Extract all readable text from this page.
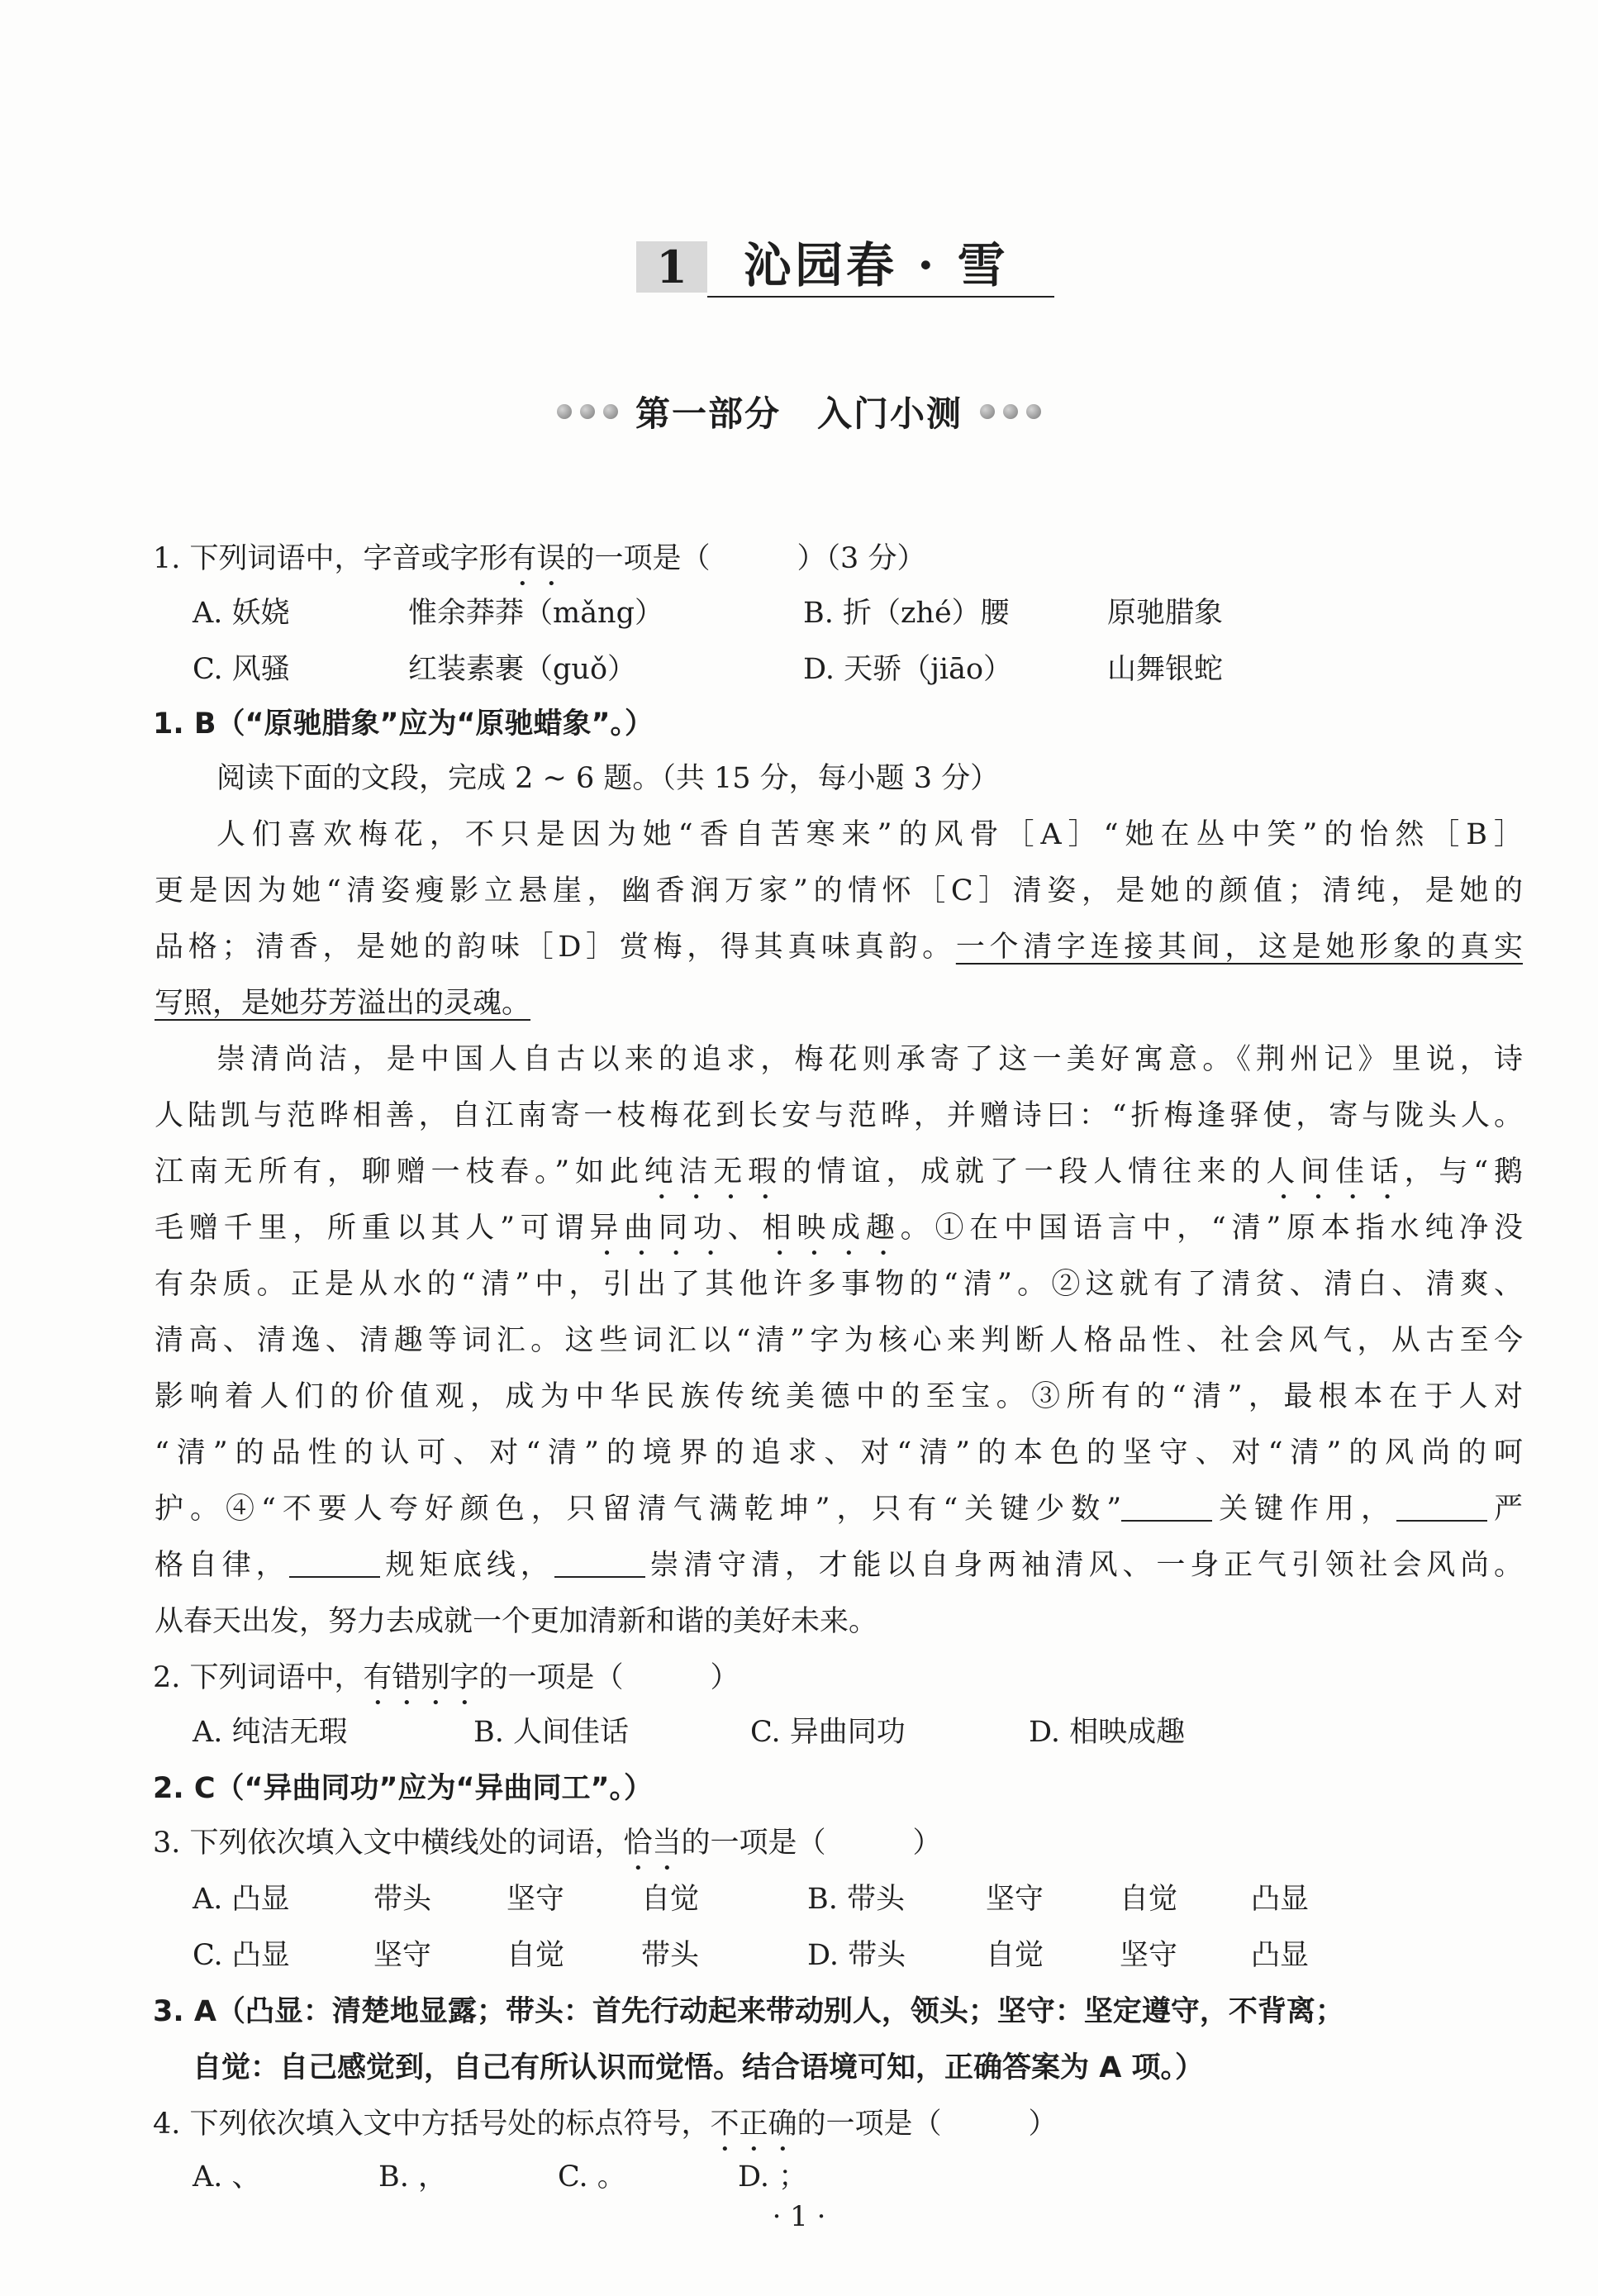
1	沁园春 · 雪
第一部分　入门小测
1. 下列词语中，字音或字形有误的一项是（　　　）（3 分）
A. 妖娆	惟余莽莽（mǎng）	B. 折（zhé）腰	原驰腊象
C. 风骚	红装素裹（guǒ）	D. 天骄（jiāo）	山舞银蛇
1. B（“原驰腊象”应为“原驰蜡象”。）
阅读下面的文段，完成 2 ~ 6 题。（共 15 分，每小题 3 分）
人们喜欢梅花，不只是因为她“香自苦寒来”的风骨［A］“她在丛中笑”的怡然［B］
更是因为她“清姿瘦影立悬崖，幽香润万家”的情怀［C］清姿，是她的颜值；清纯，是她的
品格；清香，是她的韵味［D］赏梅，得其真味真韵。一个清字连接其间，这是她形象的真实
写照，是她芬芳溢出的灵魂。
崇清尚洁，是中国人自古以来的追求，梅花则承寄了这一美好寓意。《荆州记》里说，诗
人陆凯与范晔相善，自江南寄一枝梅花到长安与范晔，并赠诗曰：“折梅逢驿使，寄与陇头人。
江南无所有，聊赠一枝春。”如此纯洁无瑕的情谊，成就了一段人情往来的人间佳话，与“鹅
毛赠千里，所重以其人”可谓异曲同功、相映成趣。①在中国语言中，“清”原本指水纯净没
有杂质。正是从水的“清”中，引出了其他许多事物的“清”。②这就有了清贫、清白、清爽、
清高、清逸、清趣等词汇。这些词汇以“清”字为核心来判断人格品性、社会风气，从古至今
影响着人们的价值观，成为中华民族传统美德中的至宝。③所有的“清”，最根本在于人对
“清”的品性的认可、对“清”的境界的追求、对“清”的本色的坚守、对“清”的风尚的呵
护。④“不要人夸好颜色，只留清气满乾坤”，只有“关键少数”	关键作用，	严
格自律，	规矩底线，	崇清守清，才能以自身两袖清风、一身正气引领社会风尚。
从春天出发，努力去成就一个更加清新和谐的美好未来。
2. 下列词语中，有错别字的一项是（　　　）
A. 纯洁无瑕	B. 人间佳话	C. 异曲同功	D. 相映成趣
2. C（“异曲同功”应为“异曲同工”。）
3. 下列依次填入文中横线处的词语，恰当的一项是（　　　）
A. 凸显	带头	坚守	自觉	B. 带头	坚守	自觉	凸显
C. 凸显	坚守	自觉	带头	D. 带头	自觉	坚守	凸显
3. A（凸显：清楚地显露；带头：首先行动起来带动别人，领头；坚守：坚定遵守，不背离；
自觉：自己感觉到，自己有所认识而觉悟。结合语境可知，正确答案为 A 项。）
4. 下列依次填入文中方括号处的标点符号，不正确的一项是（　　　）
A. 、	B. ，	C. 。	D. ；
· 1 ·
